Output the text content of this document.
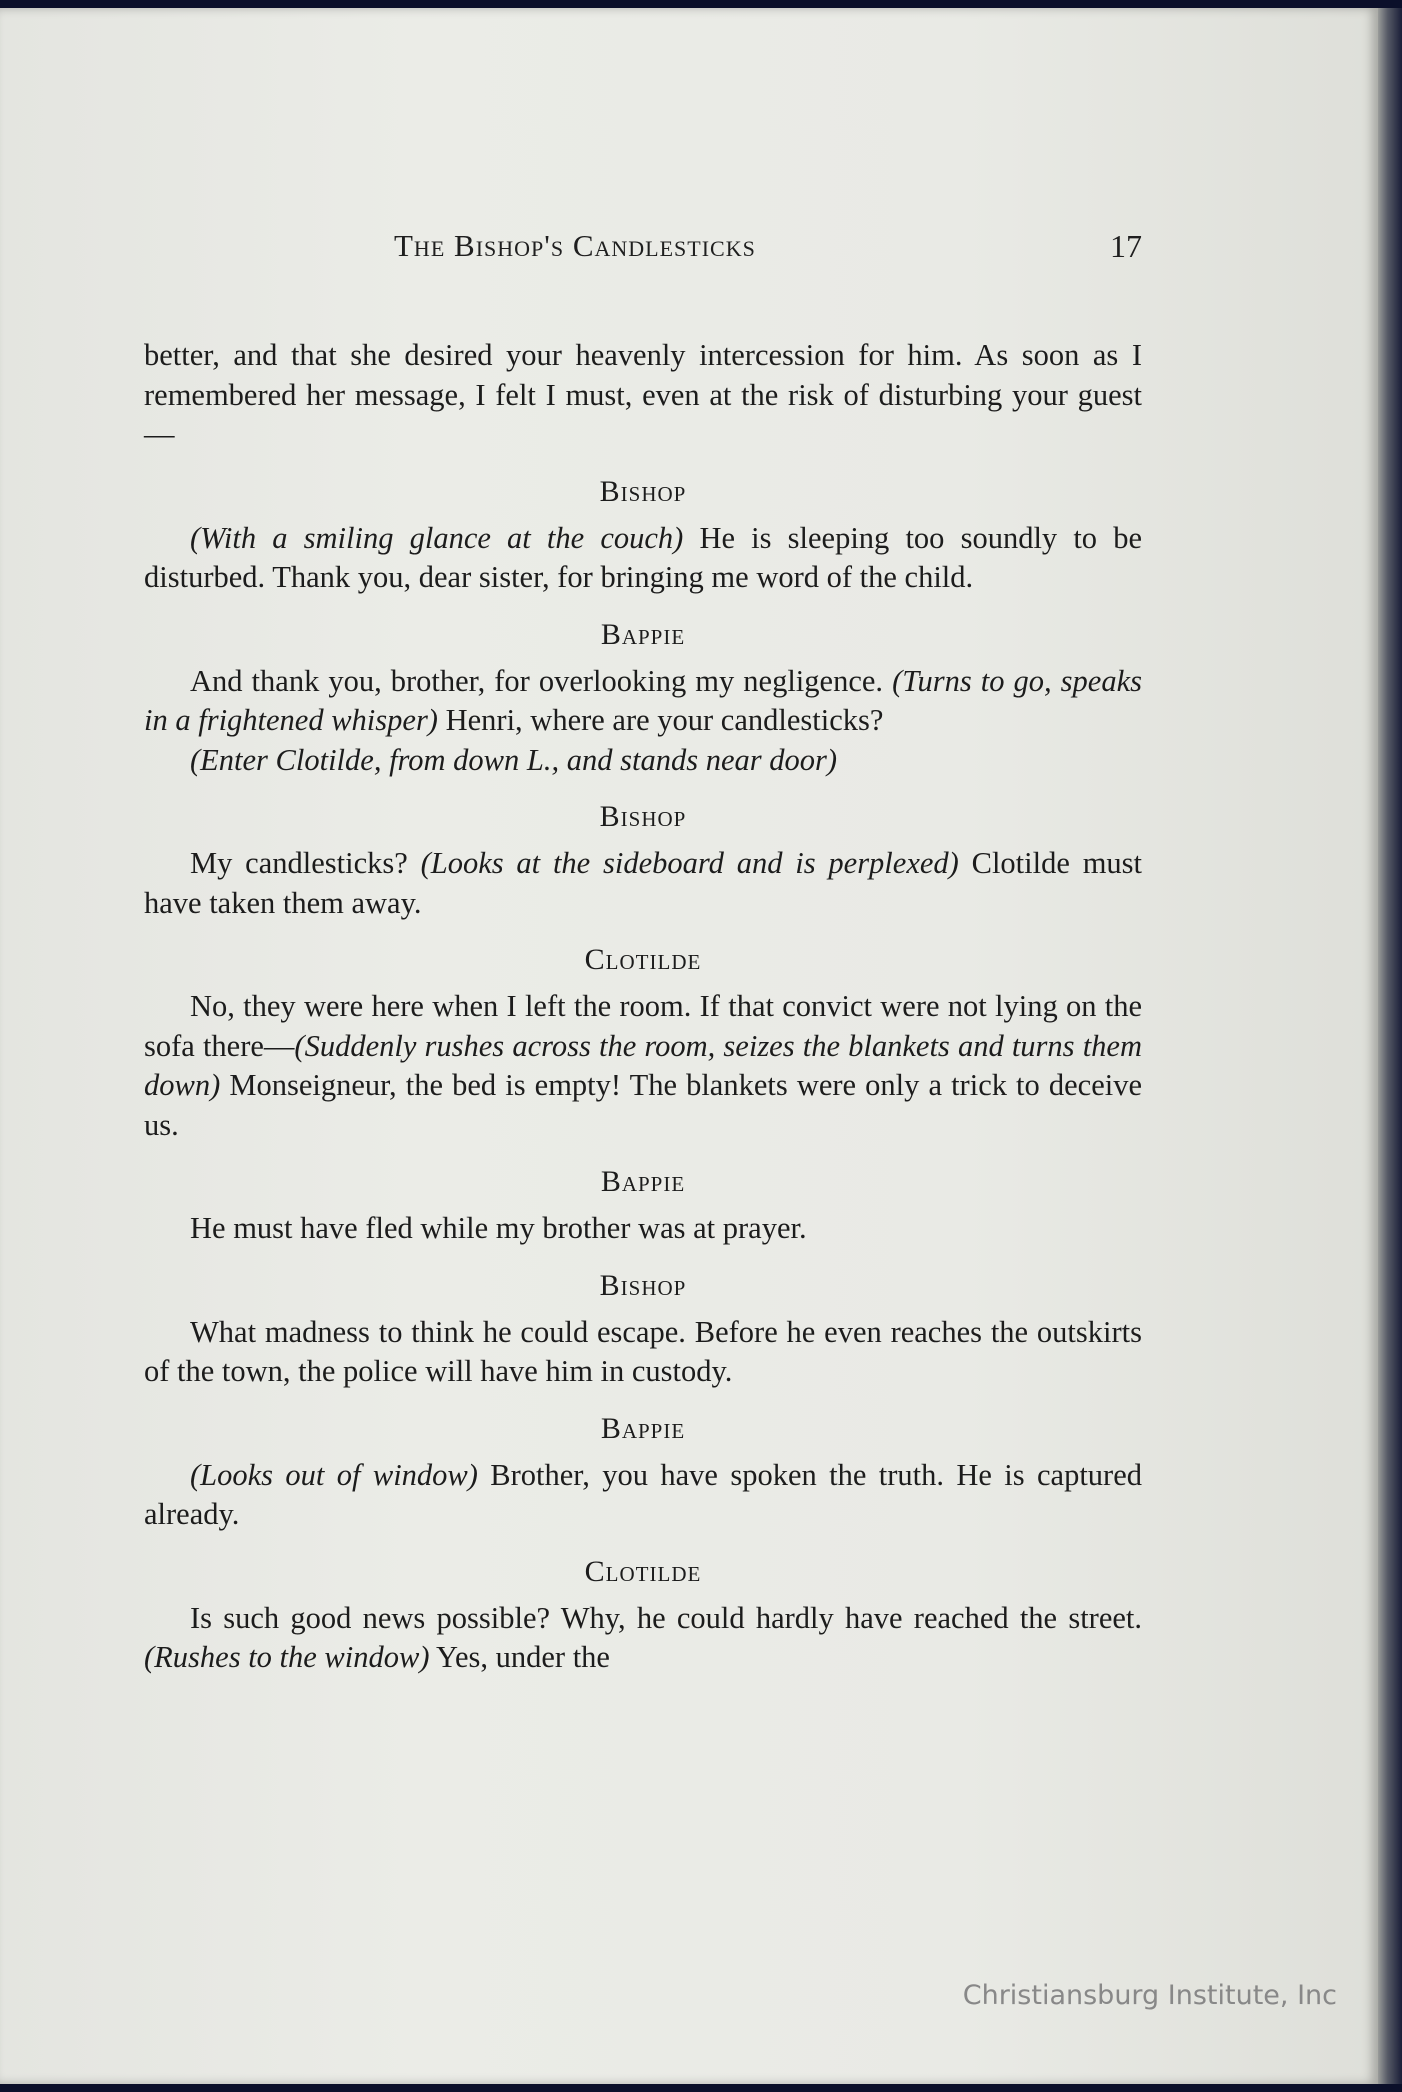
The Bishop's Candlesticks	17

better, and that she desired your heavenly intercession for him. As soon as I remembered her message, I felt I must, even at the risk of disturbing your guest—

Bishop

(With a smiling glance at the couch) He is sleeping too soundly to be disturbed. Thank you, dear sister, for bringing me word of the child.

Bappie

And thank you, brother, for overlooking my negligence. (Turns to go, speaks in a frightened whisper) Henri, where are your candlesticks?

(Enter Clotilde, from down L., and stands near door)

Bishop

My candlesticks? (Looks at the sideboard and is perplexed) Clotilde must have taken them away.

Clotilde

No, they were here when I left the room. If that convict were not lying on the sofa there—(Suddenly rushes across the room, seizes the blankets and turns them down) Monseigneur, the bed is empty! The blankets were only a trick to deceive us.

Bappie

He must have fled while my brother was at prayer.

Bishop

What madness to think he could escape. Before he even reaches the outskirts of the town, the police will have him in custody.

Bappie

(Looks out of window) Brother, you have spoken the truth. He is captured already.

Clotilde

Is such good news possible? Why, he could hardly have reached the street. (Rushes to the window) Yes, under the

Christiansburg Institute, Inc
